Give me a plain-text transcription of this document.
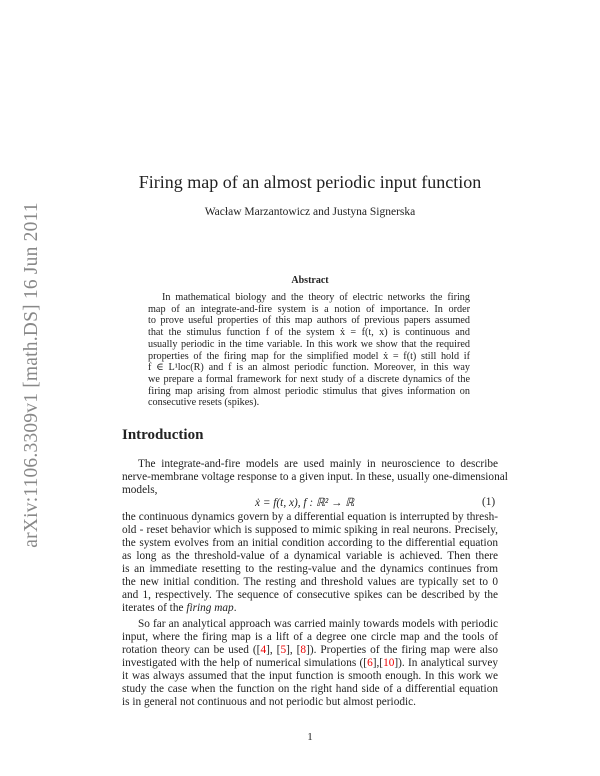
arXiv:1106.3309v1 [math.DS] 16 Jun 2011
Firing map of an almost periodic input function
Wacław Marzantowicz and Justyna Signerska
Abstract
In mathematical biology and the theory of electric networks the firing
map of an integrate-and-fire system is a notion of importance. In order
to prove useful properties of this map authors of previous papers assumed
that the stimulus function f of the system ẋ = f(t, x) is continuous and
usually periodic in the time variable. In this work we show that the required
properties of the firing map for the simplified model ẋ = f(t) still hold if
f ∈ L¹loc(R) and f is an almost periodic function. Moreover, in this way
we prepare a formal framework for next study of a discrete dynamics of the
firing map arising from almost periodic stimulus that gives information on
consecutive resets (spikes).
Introduction
The integrate-and-fire models are used mainly in neuroscience to describe
nerve-membrane voltage response to a given input. In these, usually one-dimensional
models,
ẋ = f(t, x), f : ℝ² → ℝ	(1)
the continuous dynamics govern by a differential equation is interrupted by thresh-
old - reset behavior which is supposed to mimic spiking in real neurons. Precisely,
the system evolves from an initial condition according to the differential equation
as long as the threshold-value of a dynamical variable is achieved. Then there
is an immediate resetting to the resting-value and the dynamics continues from
the new initial condition. The resting and threshold values are typically set to 0
and 1, respectively. The sequence of consecutive spikes can be described by the
iterates of the firing map.
rotation theory can be used ([4], [5], [8]). Properties of the firing map were also
investigated with the help of numerical simulations ([6],[10]). In analytical survey
So far an analytical approach was carried mainly towards models with periodic
input, where the firing map is a lift of a degree one circle map and the tools of
it was always assumed that the input function is smooth enough. In this work we
study the case when the function on the right hand side of a differential equation
is in general not continuous and not periodic but almost periodic.
1
